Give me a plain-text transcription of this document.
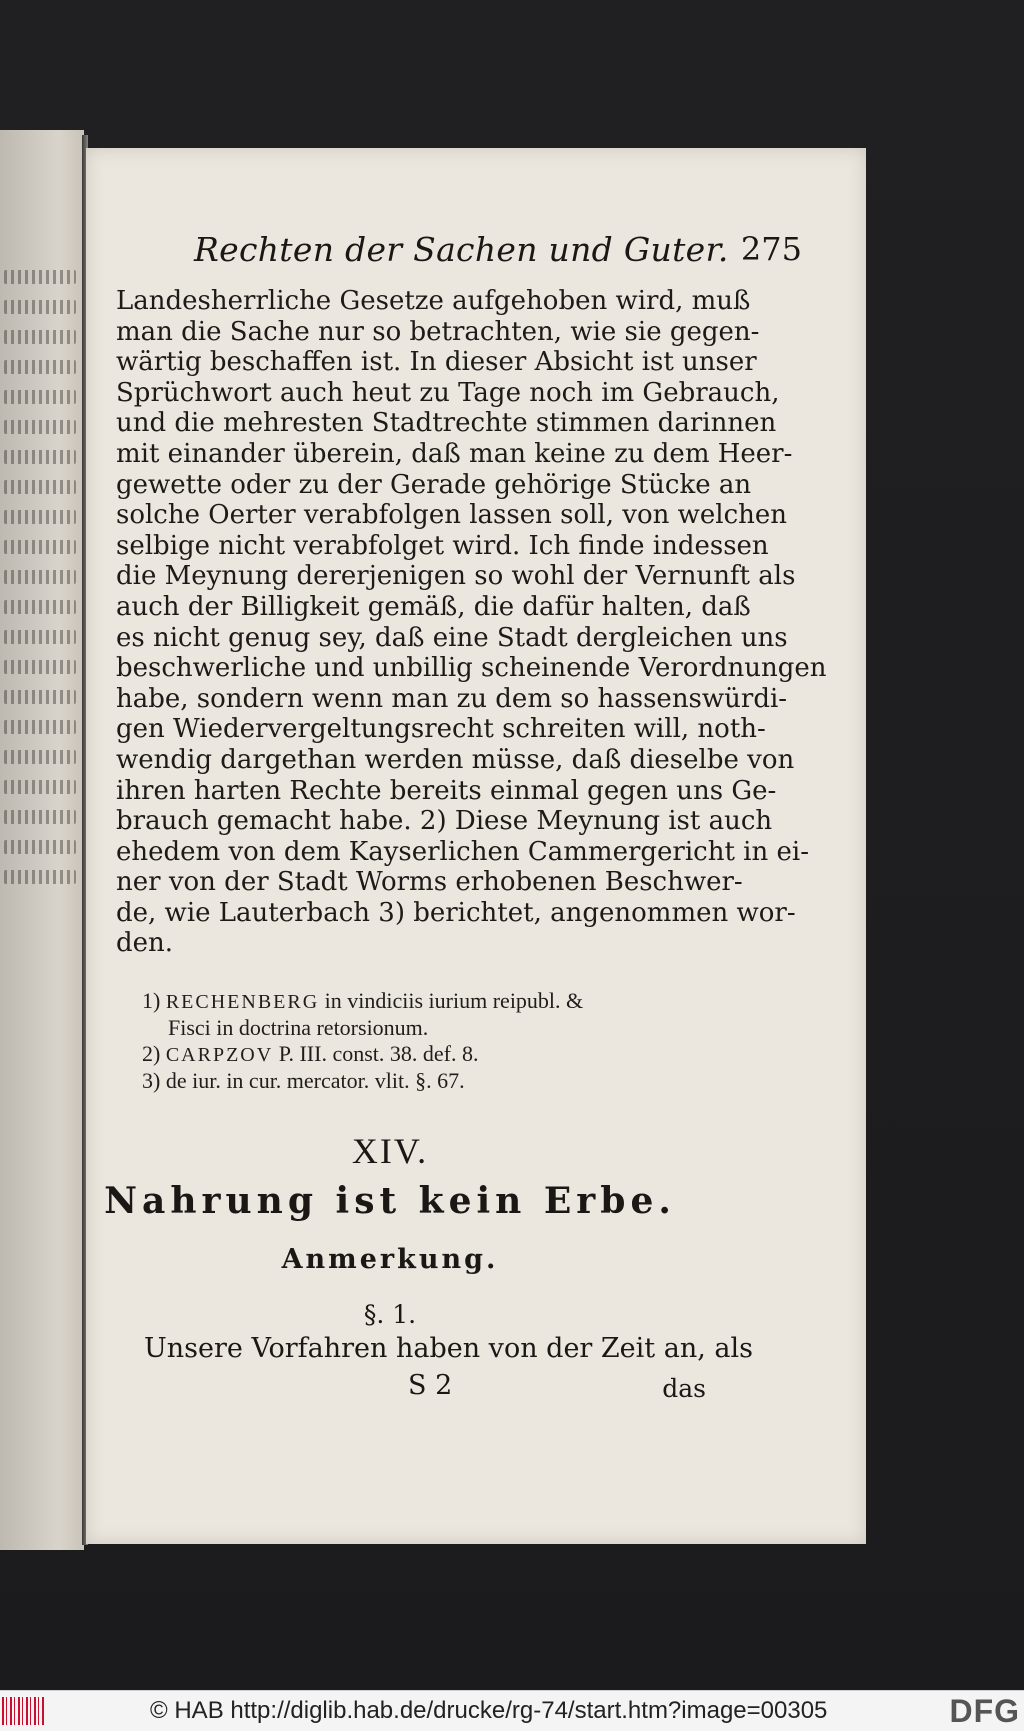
Rechten der Sachen und Guter. 275
Landesherrliche Gesetze aufgehoben wird, muß
man die Sache nur so betrachten, wie sie gegen-
wärtig beschaffen ist. In dieser Absicht ist unser
Sprüchwort auch heut zu Tage noch im Gebrauch,
und die mehresten Stadtrechte stimmen darinnen
mit einander überein, daß man keine zu dem Heer-
gewette oder zu der Gerade gehörige Stücke an
solche Oerter verabfolgen lassen soll, von welchen
selbige nicht verabfolget wird. Ich finde indessen
die Meynung dererjenigen so wohl der Vernunft als
auch der Billigkeit gemäß, die dafür halten, daß
es nicht genug sey, daß eine Stadt dergleichen uns
beschwerliche und unbillig scheinende Verordnungen
habe, sondern wenn man zu dem so hassenswürdi-
gen Wiedervergeltungsrecht schreiten will, noth-
wendig dargethan werden müsse, daß dieselbe von
ihren harten Rechte bereits einmal gegen uns Ge-
brauch gemacht habe. 2) Diese Meynung ist auch
ehedem von dem Kayserlichen Cammergericht in ei-
ner von der Stadt Worms erhobenen Beschwer-
de, wie Lauterbach 3) berichtet, angenommen wor-
den.
1) RECHENBERG in vindiciis iurium reipubl. &
Fisci in doctrina retorsionum.
2) CARPZOV P. III. const. 38. def. 8.
3) de iur. in cur. mercator. vlit. §. 67.
XIV.
Nahrung ist kein Erbe.
Anmerkung.
§. 1.
Unsere Vorfahren haben von der Zeit an, als
S 2	das
© HAB http://diglib.hab.de/drucke/rg-74/start.htm?image=00305	DFG
